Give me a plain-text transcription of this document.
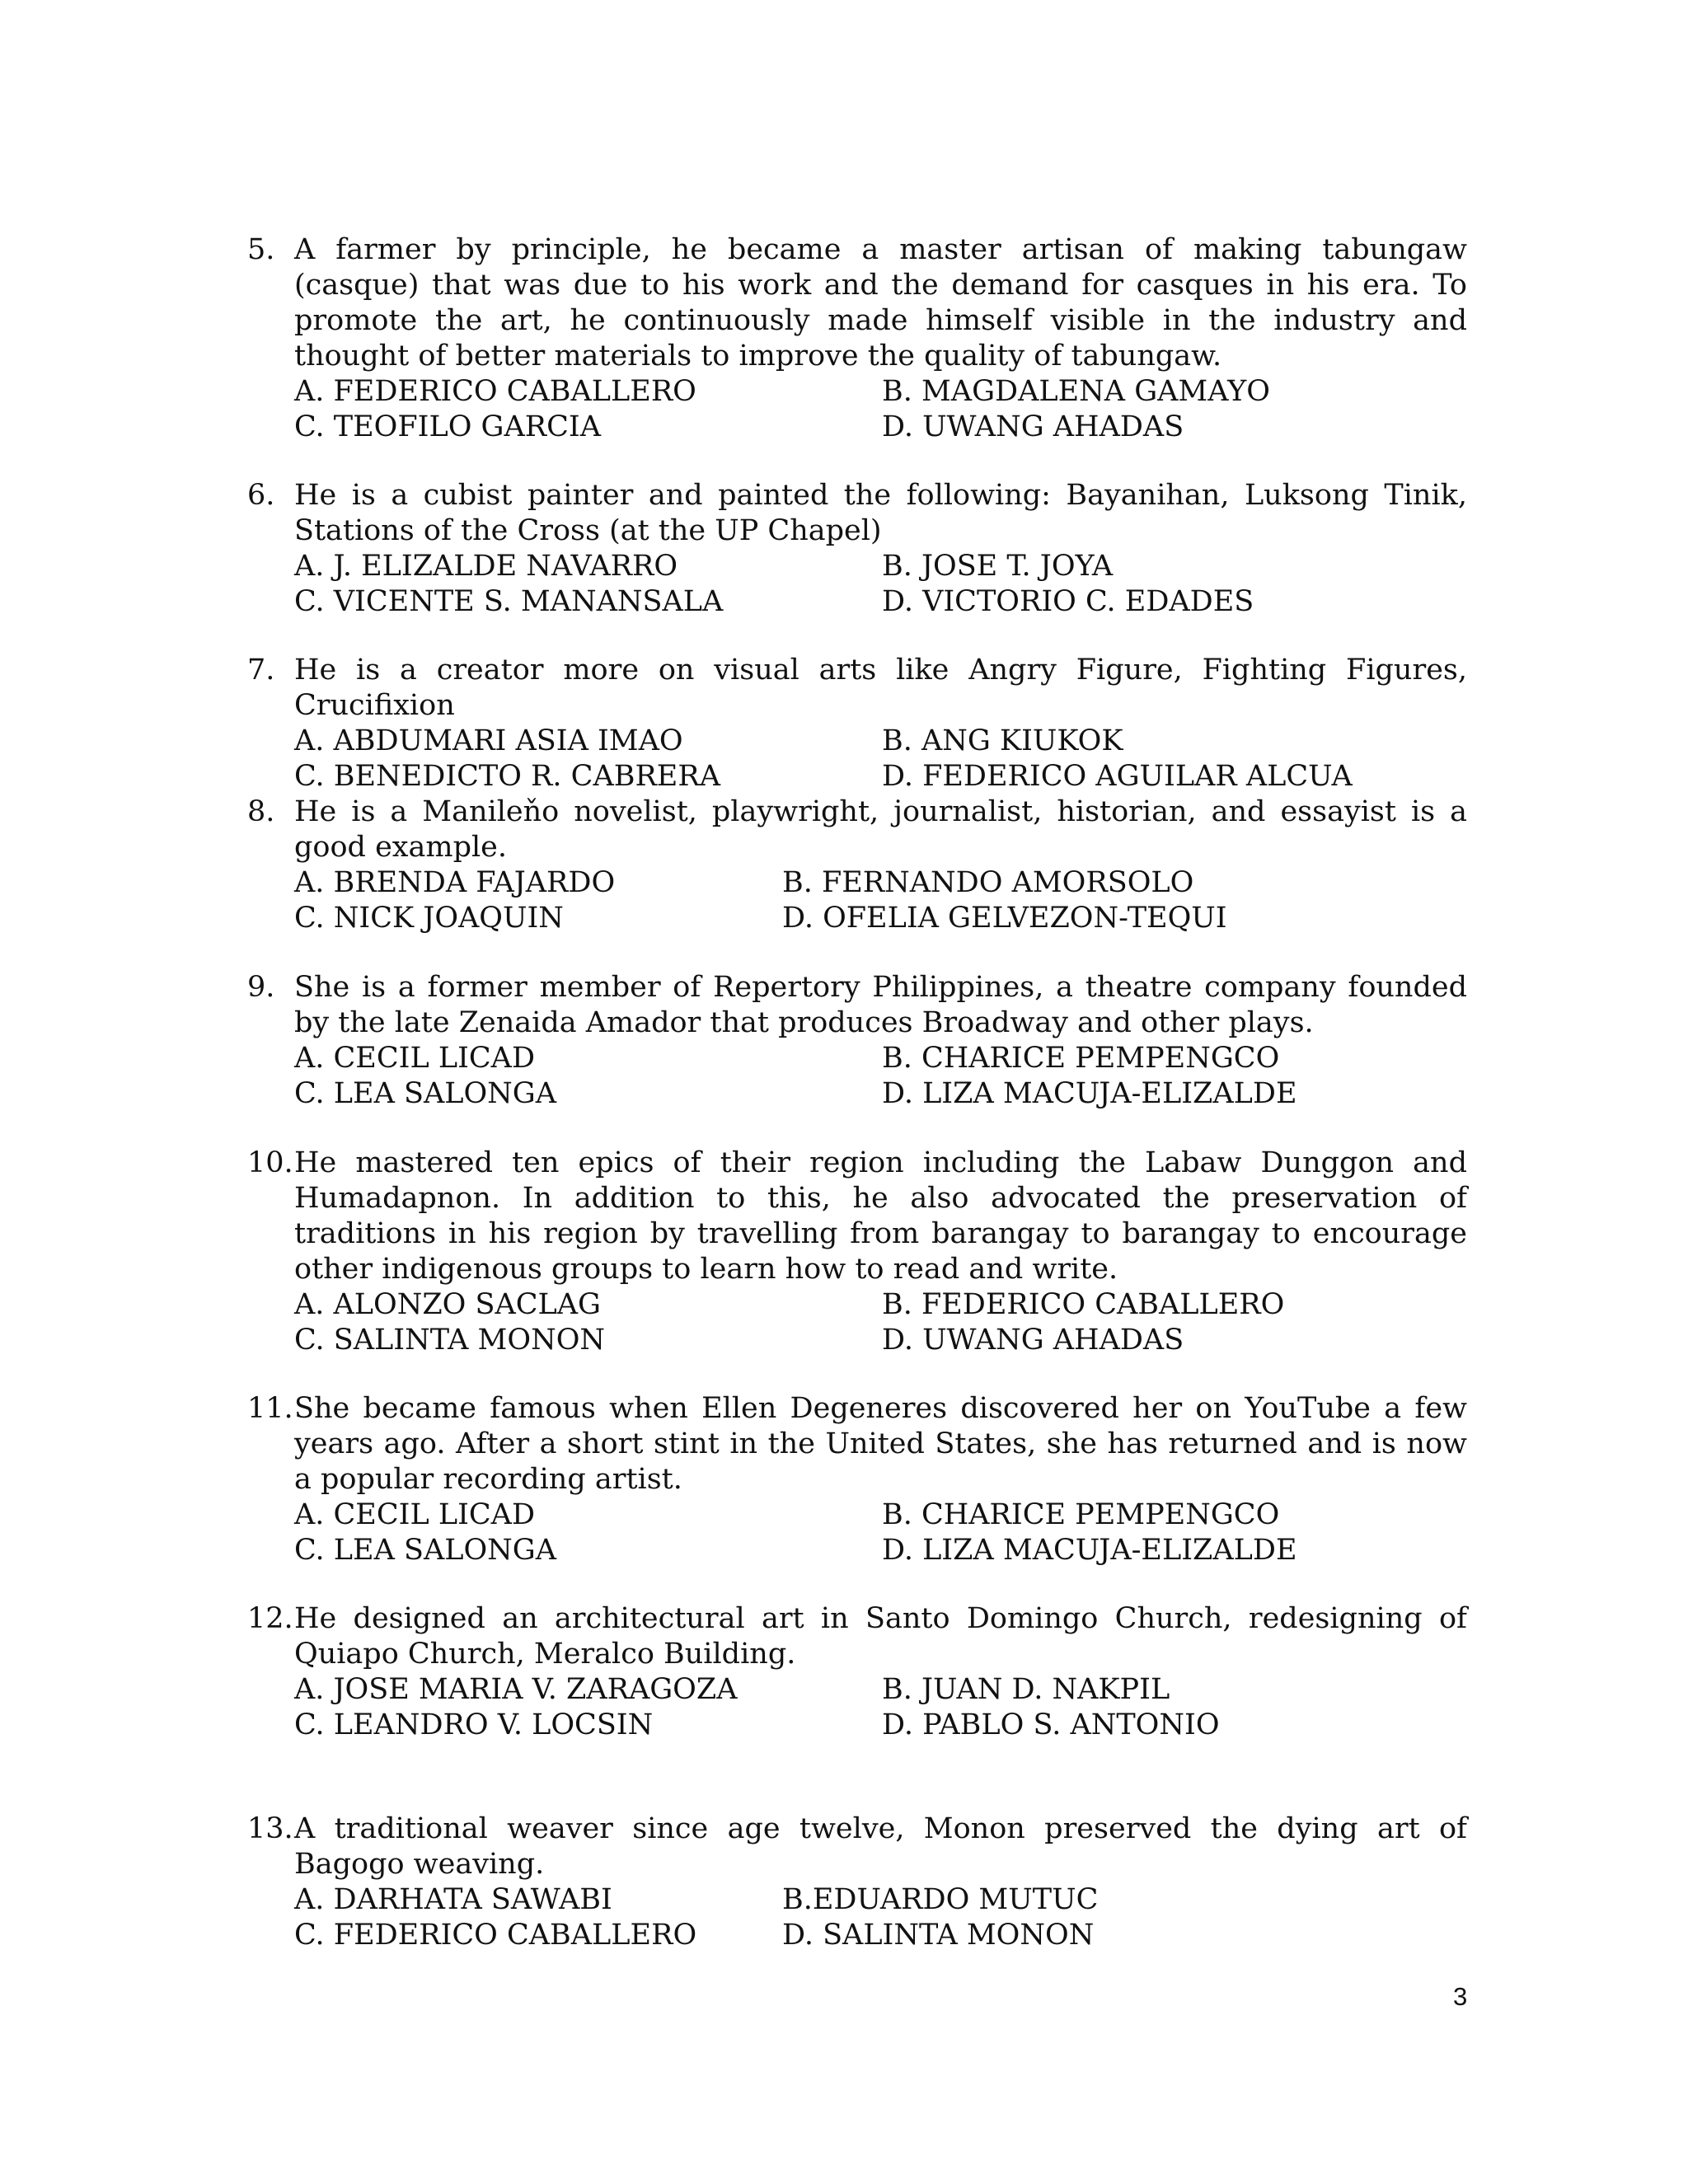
5. A farmer by principle, he became a master artisan of making tabungaw (casque) that was due to his work and the demand for casques in his era. To promote the art, he continuously made himself visible in the industry and thought of better materials to improve the quality of tabungaw.

A. FEDERICO CABALLERO	B. MAGDALENA GAMAYO
C. TEOFILO GARCIA	D. UWANG AHADAS
6. He is a cubist painter and painted the following: Bayanihan, Luksong Tinik, Stations of the Cross (at the UP Chapel)

A. J. ELIZALDE NAVARRO	B. JOSE T. JOYA
C. VICENTE S. MANANSALA	D. VICTORIO C. EDADES
7. He is a creator more on visual arts like Angry Figure, Fighting Figures, Crucifixion

A. ABDUMARI ASIA IMAO	B. ANG KIUKOK
C. BENEDICTO R. CABRERA	D. FEDERICO AGUILAR ALCUA
8. He is a Manileňo novelist, playwright, journalist, historian, and essayist is a good example.

A. BRENDA FAJARDO	B. FERNANDO AMORSOLO
C. NICK JOAQUIN	D. OFELIA GELVEZON-TEQUI
9. She is a former member of Repertory Philippines, a theatre company founded by the late Zenaida Amador that produces Broadway and other plays.

A. CECIL LICAD	B. CHARICE PEMPENGCO
C. LEA SALONGA	D. LIZA MACUJA-ELIZALDE
10. He mastered ten epics of their region including the Labaw Dunggon and Humadapnon. In addition to this, he also advocated the preservation of traditions in his region by travelling from barangay to barangay to encourage other indigenous groups to learn how to read and write.

A. ALONZO SACLAG	B. FEDERICO CABALLERO
C. SALINTA MONON	D. UWANG AHADAS
11. She became famous when Ellen Degeneres discovered her on YouTube a few years ago. After a short stint in the United States, she has returned and is now a popular recording artist.

A. CECIL LICAD	B. CHARICE PEMPENGCO
C. LEA SALONGA	D. LIZA MACUJA-ELIZALDE
12. He designed an architectural art in Santo Domingo Church, redesigning of Quiapo Church, Meralco Building.

A. JOSE MARIA V. ZARAGOZA	B. JUAN D. NAKPIL
C. LEANDRO V. LOCSIN	D. PABLO S. ANTONIO
13. A traditional weaver since age twelve, Monon preserved the dying art of Bagogo weaving.

A. DARHATA SAWABI	B.EDUARDO MUTUC
C. FEDERICO CABALLERO	D. SALINTA MONON
3
